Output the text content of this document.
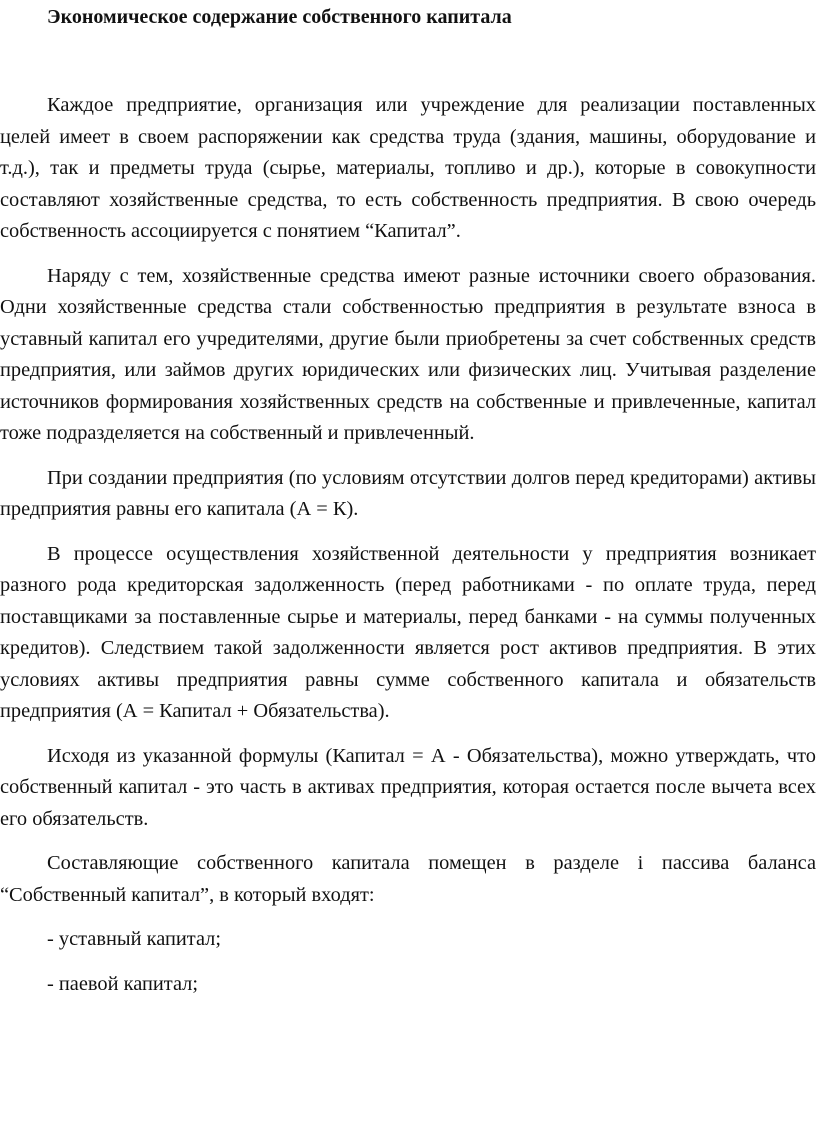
Экономическое содержание собственного капитала

Каждое предприятие, организация или учреждение для реализации поставленных целей имеет в своем распоряжении как средства труда (здания, машины, оборудование и т.д.), так и предметы труда (сырье, материалы, топливо и др.), которые в совокупности составляют хозяйственные средства, то есть собственность предприятия. В свою очередь собственность ассоциируется с понятием “Капитал”.

Наряду с тем, хозяйственные средства имеют разные источники своего образования. Одни хозяйственные средства стали собственностью предприятия в результате взноса в уставный капитал его учредителями, другие были приобретены за счет собственных средств предприятия, или займов других юридических или физических лиц. Учитывая разделение источников формирования хозяйственных средств на собственные и привлеченные, капитал тоже подразделяется на собственный и привлеченный.

При создании предприятия (по условиям отсутствии долгов перед кредиторами) активы предприятия равны его капитала (А = К).

В процессе осуществления хозяйственной деятельности у предприятия возникает разного рода кредиторская задолженность (перед работниками - по оплате труда, перед поставщиками за поставленные сырье и материалы, перед банками - на суммы полученных кредитов). Следствием такой задолженности является рост активов предприятия. В этих условиях активы предприятия равны сумме собственного капитала и обязательств предприятия (А = Капитал + Обязательства).

Исходя из указанной формулы (Капитал = А - Обязательства), можно утверждать, что собственный капитал - это часть в активах предприятия, которая остается после вычета всех его обязательств.

Составляющие собственного капитала помещен в разделе і пассива баланса “Собственный капитал”, в который входят:

- уставный капитал;

- паевой капитал;
